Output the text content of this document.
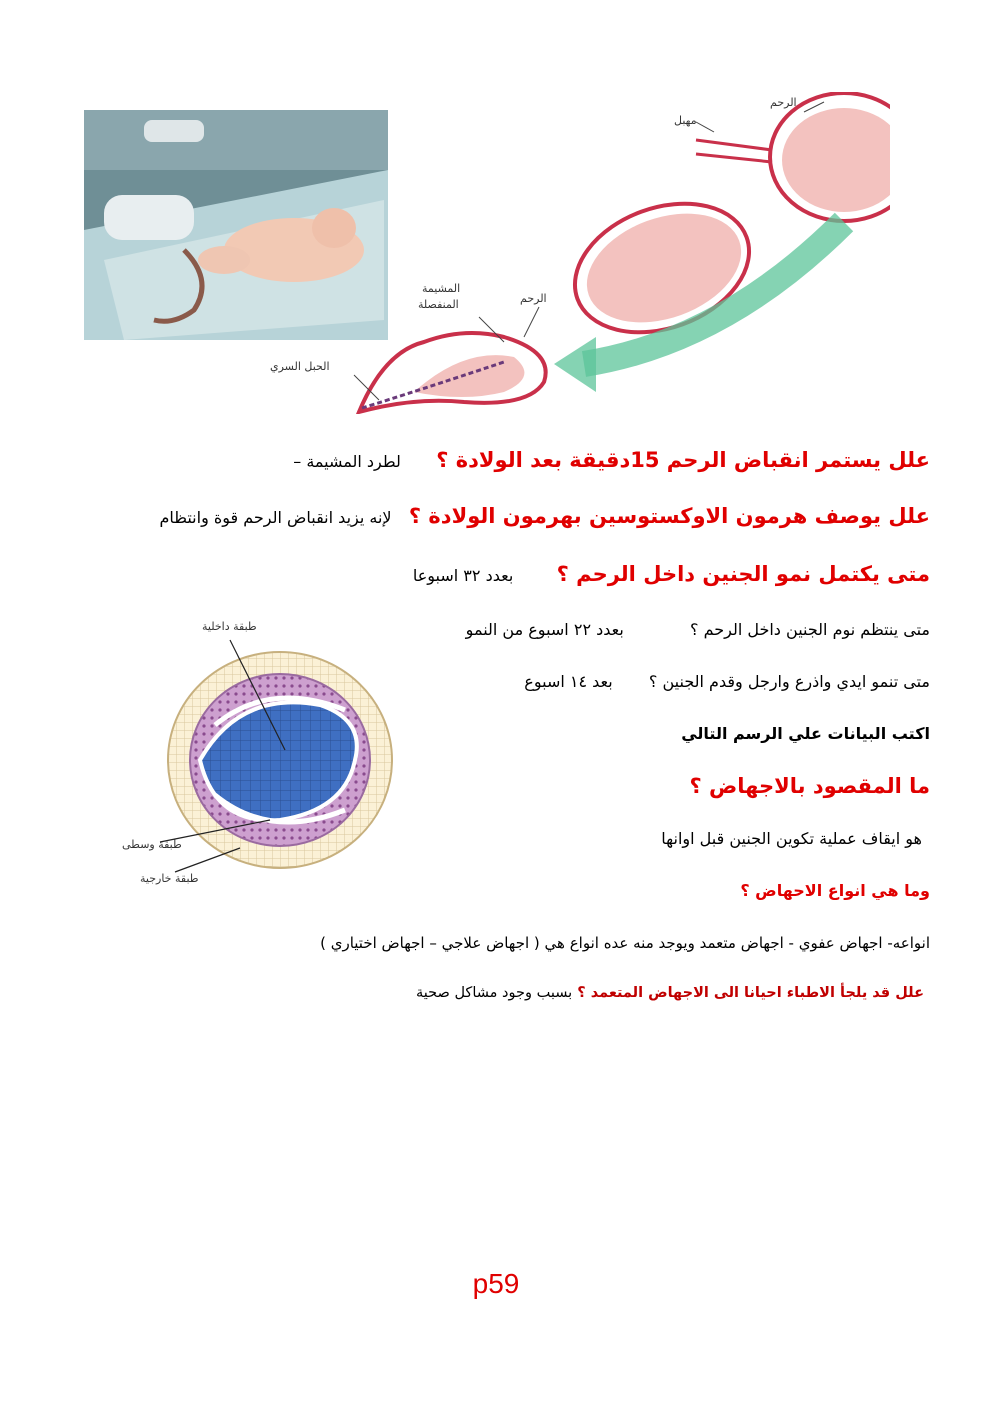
الرحم
مهبل
المشيمة
المنفصلة	الرحم
الحبل السري
علل يستمر انقباض الرحم 15دقيقة بعد الولادة ؟  لطرد المشيمة –
علل يوصف هرمون الاوكستوسين بهرمون الولادة ؟  لإنه يزيد انقباض الرحم قوة وانتظام
متى يكتمل نمو الجنين داخل الرحم ؟  بعدد ٣٢ اسبوعا
متى ينتظم نوم الجنين داخل الرحم ؟  بعدد ٢٢ اسبوع من النمو
متى تنمو ايدي واذرع وارجل وقدم الجنين ؟  بعد ١٤ اسبوع
اكتب البيانات علي الرسم التالي
ما المقصود بالاجهاض ؟
هو ايقاف عملية تكوين الجنين قبل اوانها
وما هي انواع الاحهاض ؟
انواعه- اجهاض عفوي - اجهاض متعمد ويوجد منه عده انواع هي ( اجهاض علاجي – اجهاض اختياري )
علل قد يلجأ الاطباء احيانا الى الاجهاض المتعمد ؟ بسبب وجود مشاكل صحية
طبقة داخلية
طبقة وسطى
طبقة خارجية
p59
